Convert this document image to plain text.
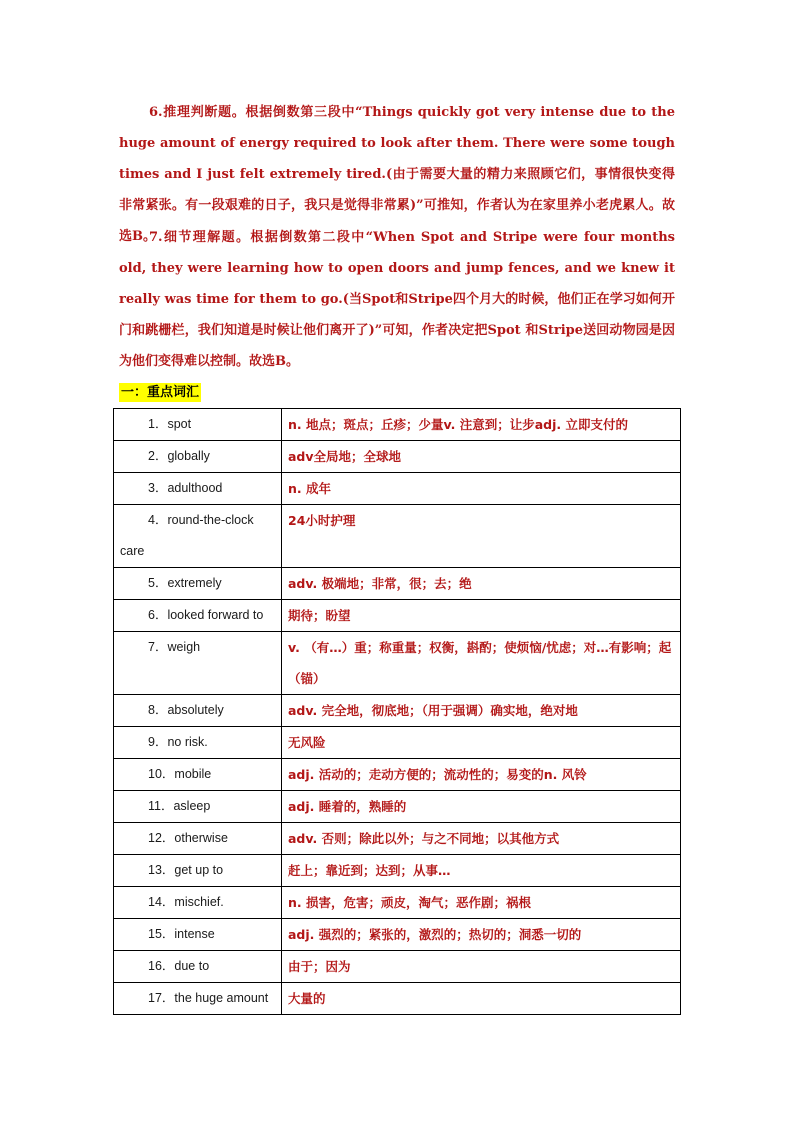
6.推理判断题。根据倒数第三段中“Things quickly got very intense due to the huge amount of energy required to look after them. There were some tough times and I just felt extremely tired.(由于需要大量的精力来照顾它们，事情很快变得非常紧张。有一段艰难的日子，我只是觉得非常累)”可推知，作者认为在家里养小老虎累人。故选B。

7.细节理解题。根据倒数第二段中“When Spot and Stripe were four months old, they were learning how to open doors and jump fences, and we knew it really was time for them to go.(当Spot和Stripe四个月大的时候，他们正在学习如何开门和跳栅栏，我们知道是时候让他们离开了)”可知，作者决定把Spot 和Stripe送回动物园是因为他们变得难以控制。故选B。

一：重点词汇
1．spot	n. 地点；斑点；丘疹；少量v. 注意到；让步adj. 立即支付的
2．globally	adv全局地；全球地
3．adulthood	n. 成年
4．round-the-clock care	24小时护理
5．extremely	adv. 极端地；非常，很；去；绝
6．looked forward to	期待；盼望
7．weigh	v. （有…）重；称重量；权衡，斟酌；使烦恼/忧虑；对…有影响；起（锚）
8．absolutely	adv. 完全地，彻底地；（用于强调）确实地，绝对地
9．no risk.	无风险
10．mobile	adj. 活动的；走动方便的；流动性的；易变的n. 风铃
11．asleep	adj. 睡着的，熟睡的
12．otherwise	adv. 否则；除此以外；与之不同地；以其他方式
13．get up to	赶上；靠近到；达到；从事…
14．mischief.	n. 损害，危害；顽皮，淘气；恶作剧；祸根
15．intense	adj. 强烈的；紧张的，激烈的；热切的；洞悉一切的
16．due to	由于；因为
17．the huge amount	大量的
